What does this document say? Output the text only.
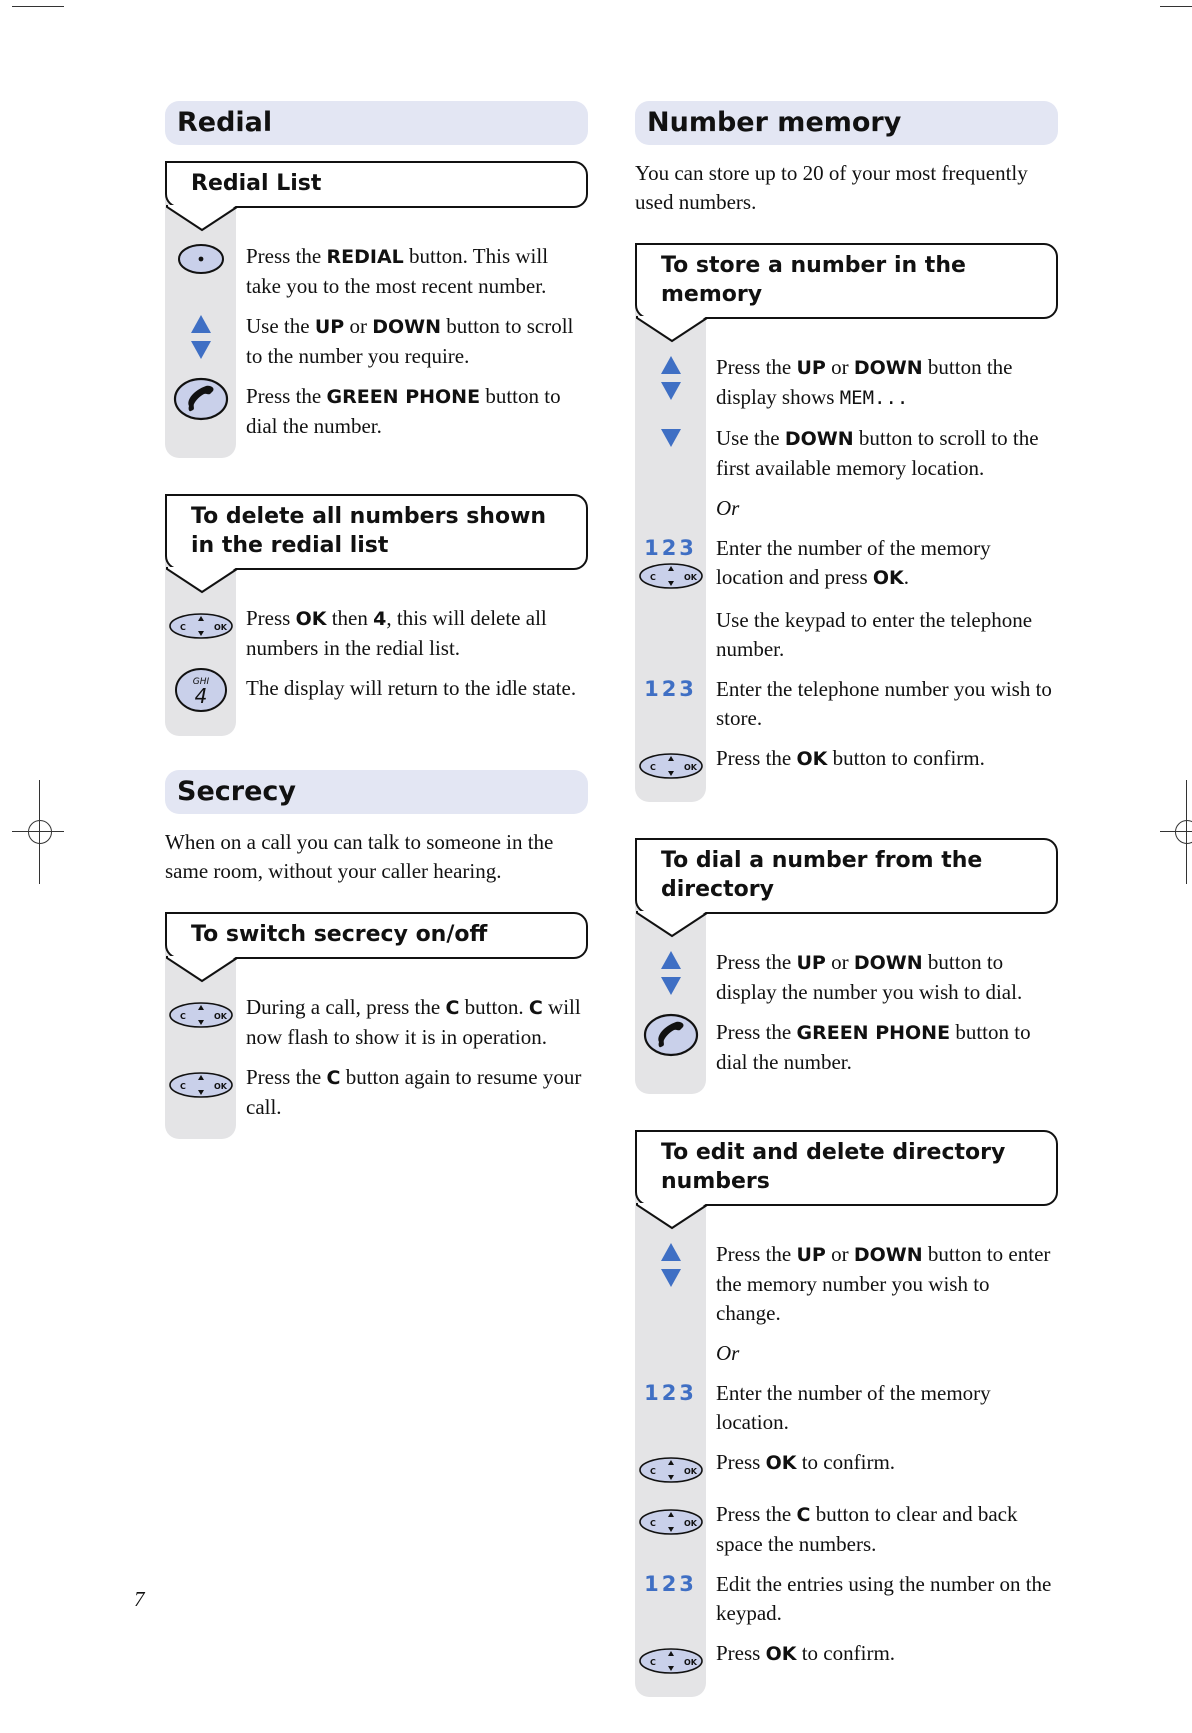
Redial
Redial List
Press the REDIAL button. This will take you to the most recent number.
Use the UP or DOWN button to scroll to the number you require.
Press the GREEN PHONE button to dial the number.
To delete all numbers shown in the redial list
C	OK Press OK then 4, this will delete all numbers in the redial list.
GHI
4	The display will return to the idle state.
Secrecy
When on a call you can talk to someone in the same room, without your caller hearing.
To switch secrecy on/off
C	OK During a call, press the C button. C will now flash to show it is in operation.
C	OK Press the C button again to resume your call.
Number memory
You can store up to 20 of your most frequently used numbers.
To store a number in the memory
Press the UP or DOWN button the display shows MEM...
Use the DOWN button to scroll to the first available memory location.
Or
123
C	OK
Enter the number of the memory location and press OK.
Use the keypad to enter the telephone number.
123 Enter the telephone number you wish to store.
C	OK Press the OK button to confirm.
To dial a number from the directory
Press the UP or DOWN button to display the number you wish to dial.
Press the GREEN PHONE button to dial the number.
To edit and delete directory numbers
Press the UP or DOWN button to enter the memory number you wish to change.
Or
123 Enter the number of the memory location.
C	OK Press OK to confirm.
C	OK Press the C button to clear and back space the numbers.
123 Edit the entries using the number on the keypad.
C	OK Press OK to confirm.
7
